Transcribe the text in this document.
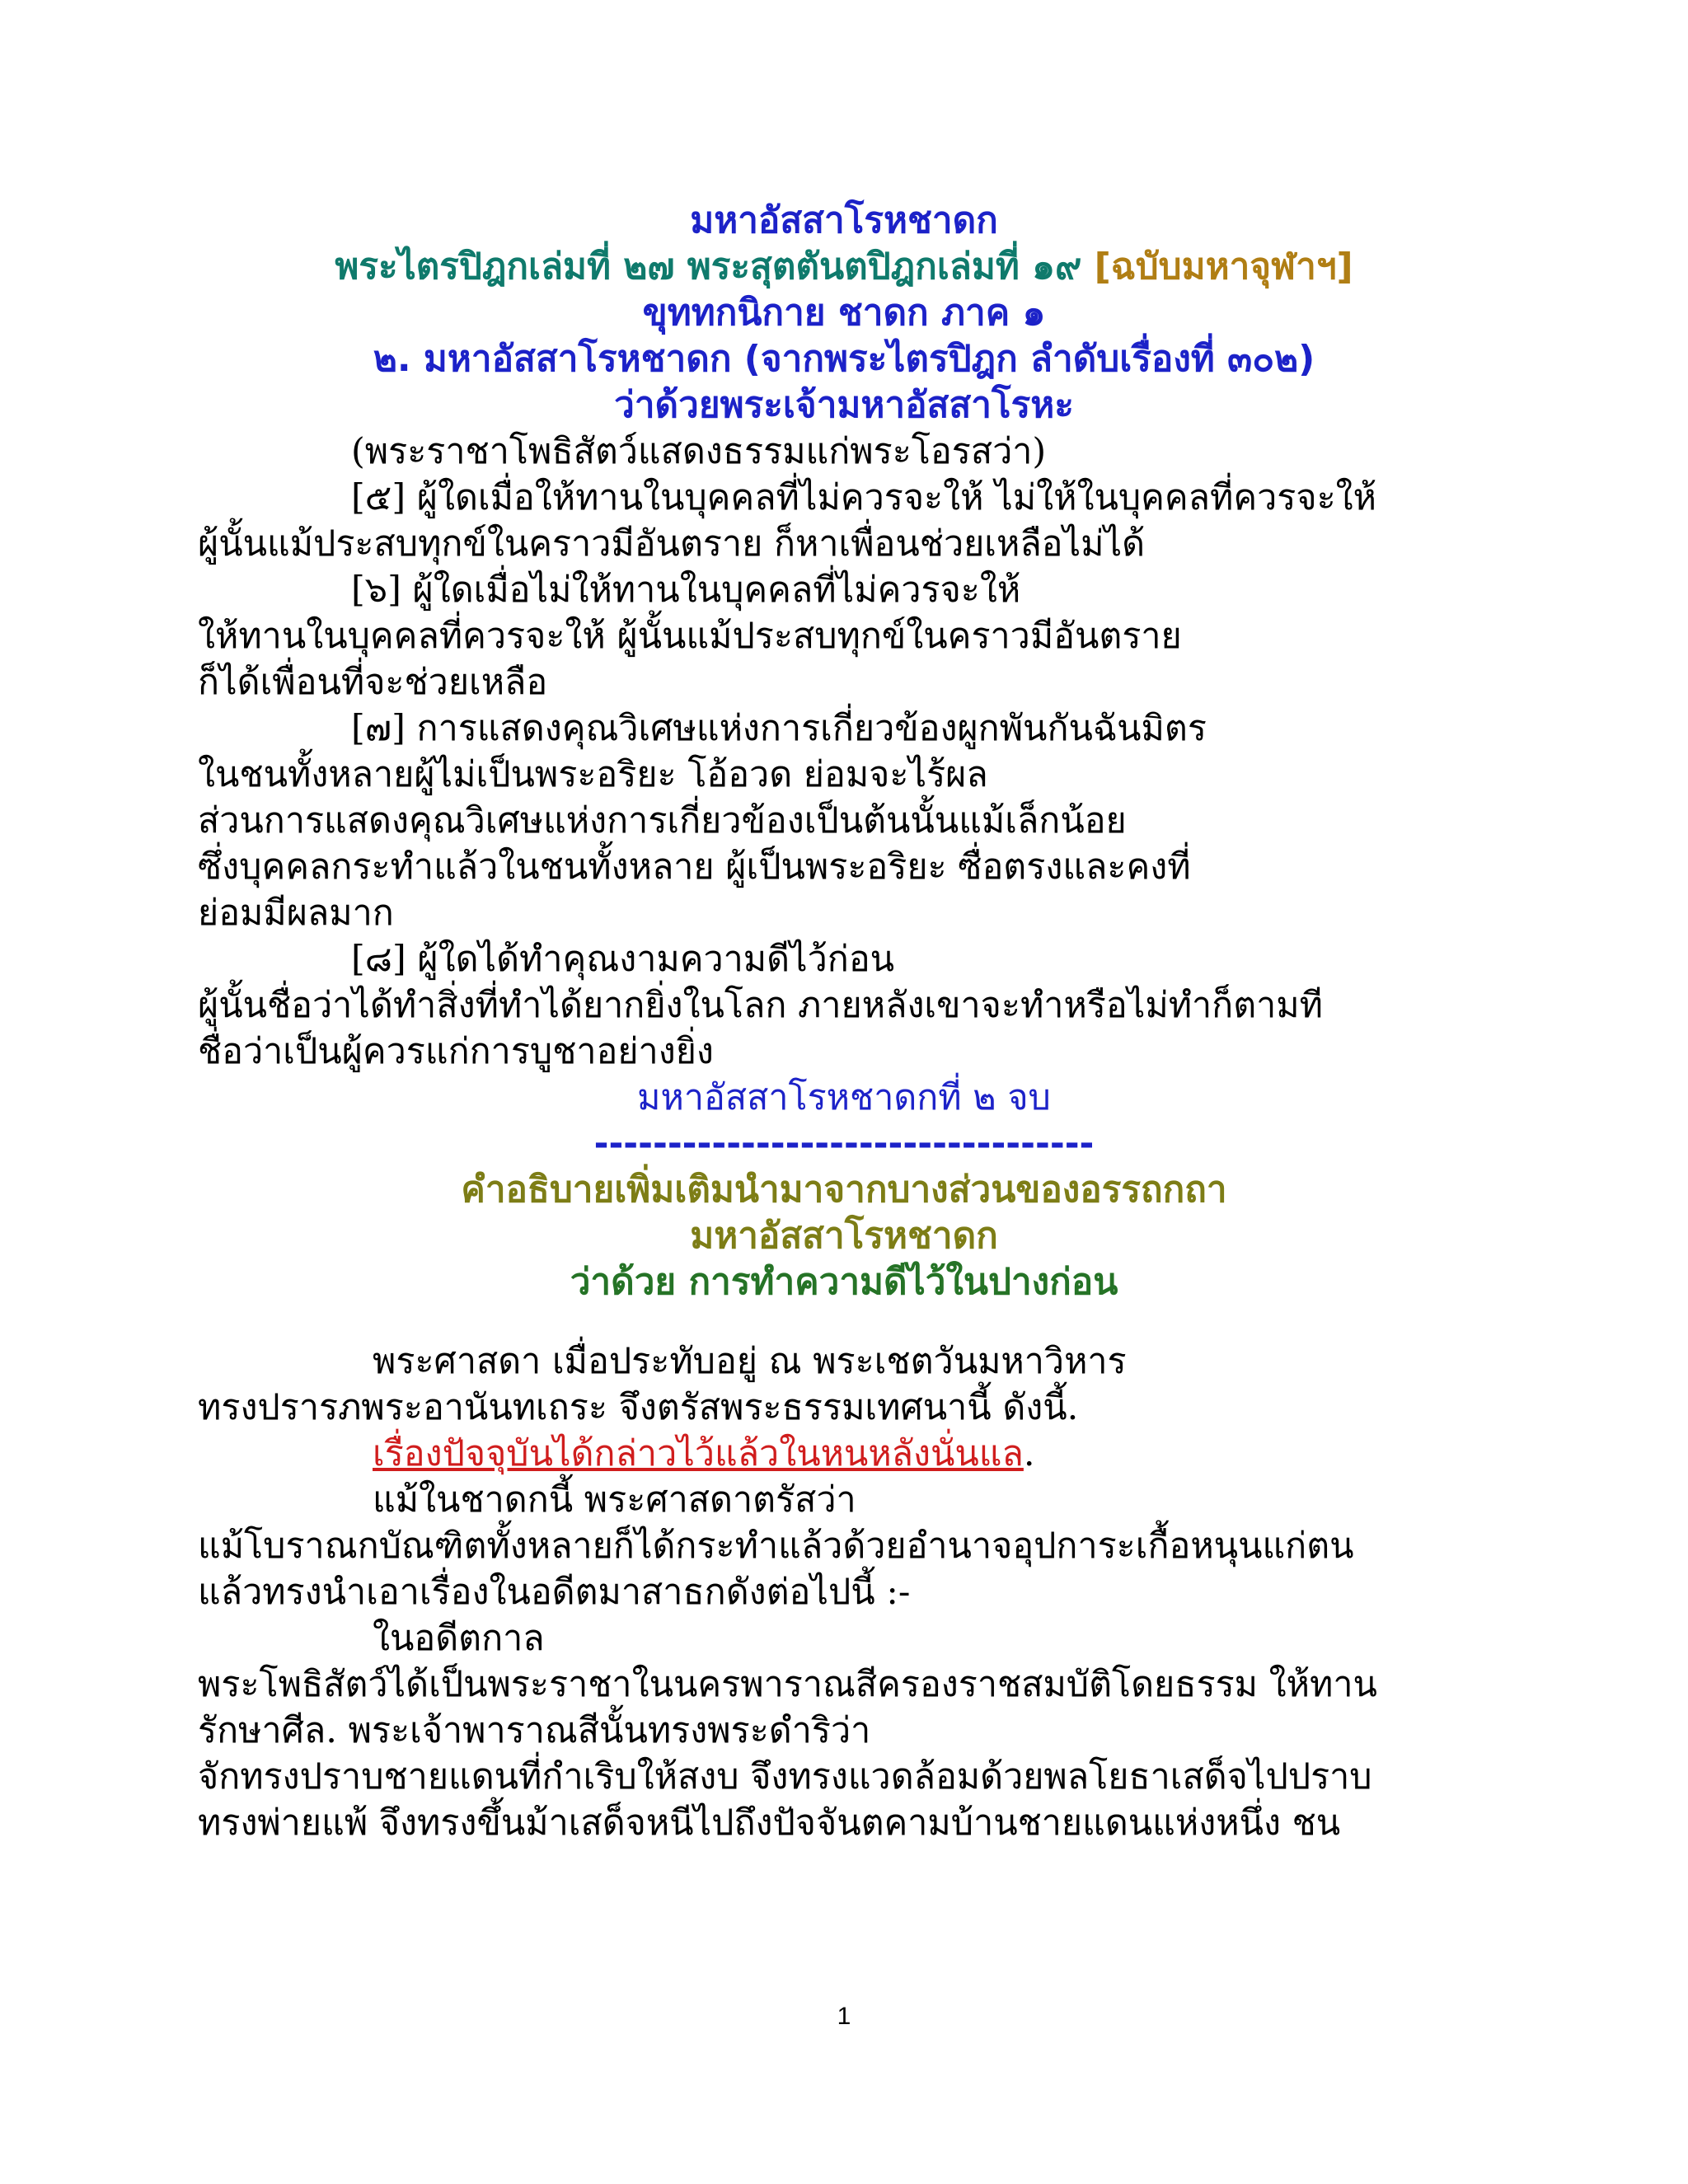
มหาอัสสาโรหชาดก
พระไตรปิฎกเล่มที่ ๒๗ พระสุตตันตปิฎกเล่มที่ ๑๙ [ฉบับมหาจุฬาฯ]
ขุททกนิกาย ชาดก ภาค ๑
๒. มหาอัสสาโรหชาดก (จากพระไตรปิฎก ลำดับเรื่องที่ ๓๐๒)
ว่าด้วยพระเจ้ามหาอัสสาโรหะ
(พระราชาโพธิสัตว์แสดงธรรมแก่พระโอรสว่า)
[๕] ผู้ใดเมื่อให้ทานในบุคคลที่ไม่ควรจะให้ ไม่ให้ในบุคคลที่ควรจะให้
ผู้นั้นแม้ประสบทุกข์ในคราวมีอันตราย ก็หาเพื่อนช่วยเหลือไม่ได้
[๖] ผู้ใดเมื่อไม่ให้ทานในบุคคลที่ไม่ควรจะให้
ให้ทานในบุคคลที่ควรจะให้ ผู้นั้นแม้ประสบทุกข์ในคราวมีอันตราย
ก็ได้เพื่อนที่จะช่วยเหลือ
[๗] การแสดงคุณวิเศษแห่งการเกี่ยวข้องผูกพันกันฉันมิตร
ในชนทั้งหลายผู้ไม่เป็นพระอริยะ โอ้อวด ย่อมจะไร้ผล
ส่วนการแสดงคุณวิเศษแห่งการเกี่ยวข้องเป็นต้นนั้นแม้เล็กน้อย
ซึ่งบุคคลกระทำแล้วในชนทั้งหลาย ผู้เป็นพระอริยะ ซื่อตรงและคงที่
ย่อมมีผลมาก
[๘] ผู้ใดได้ทำคุณงามความดีไว้ก่อน
ผู้นั้นชื่อว่าได้ทำสิ่งที่ทำได้ยากยิ่งในโลก ภายหลังเขาจะทำหรือไม่ทำก็ตามที
ชื่อว่าเป็นผู้ควรแก่การบูชาอย่างยิ่ง
มหาอัสสาโรหชาดกที่ ๒ จบ
----------------------------------
คำอธิบายเพิ่มเติมนำมาจากบางส่วนของอรรถกถา
มหาอัสสาโรหชาดก
ว่าด้วย การทำความดีไว้ในปางก่อน
พระศาสดา เมื่อประทับอยู่ ณ พระเชตวันมหาวิหาร
ทรงปรารภพระอานันทเถระ จึงตรัสพระธรรมเทศนานี้ ดังนี้.
เรื่องปัจจุบันได้กล่าวไว้แล้วในหนหลังนั่นแล.
แม้ในชาดกนี้ พระศาสดาตรัสว่า
แม้โบราณกบัณฑิตทั้งหลายก็ได้กระทำแล้วด้วยอำนาจอุปการะเกื้อหนุนแก่ตน
แล้วทรงนำเอาเรื่องในอดีตมาสาธกดังต่อไปนี้ :-
ในอดีตกาล
พระโพธิสัตว์ได้เป็นพระราชาในนครพาราณสีครองราชสมบัติโดยธรรม ให้ทาน
รักษาศีล. พระเจ้าพาราณสีนั้นทรงพระดำริว่า
จักทรงปราบชายแดนที่กำเริบให้สงบ จึงทรงแวดล้อมด้วยพลโยธาเสด็จไปปราบ
ทรงพ่ายแพ้ จึงทรงขึ้นม้าเสด็จหนีไปถึงปัจจันตคามบ้านชายแดนแห่งหนึ่ง ชน
1
